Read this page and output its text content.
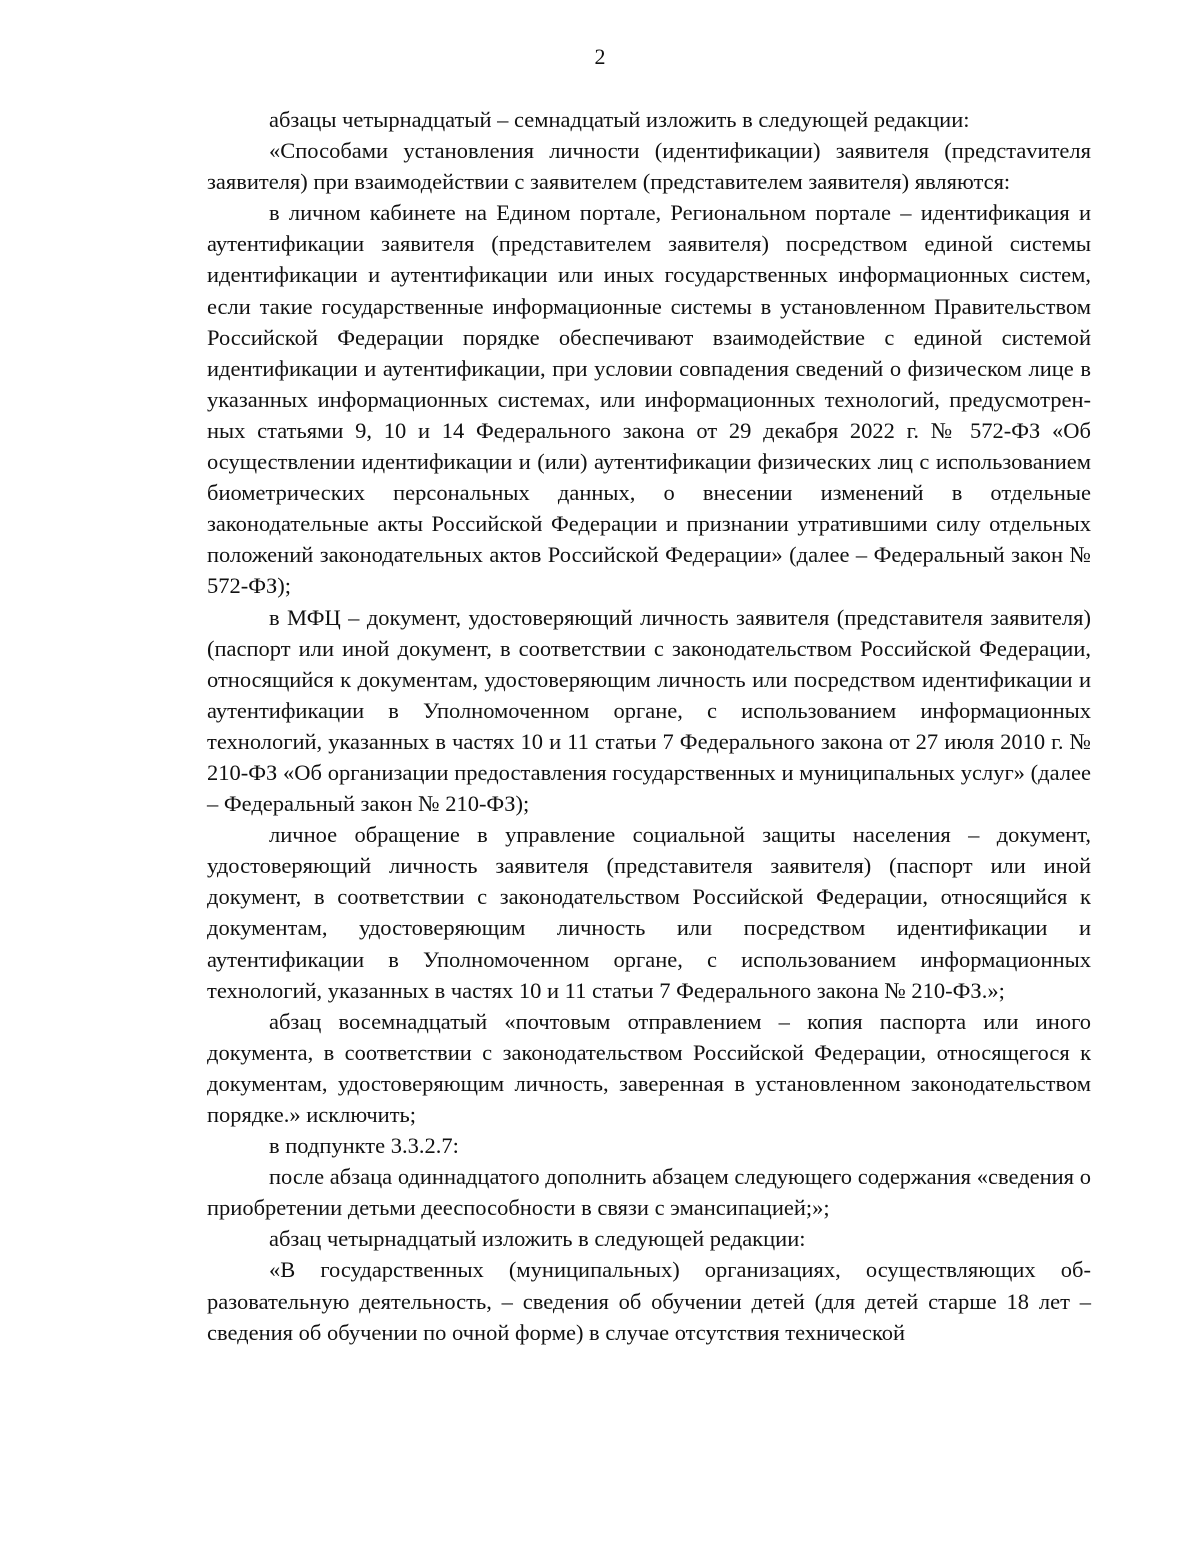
2

абзацы четырнадцатый – семнадцатый изложить в следующей редакции:

«Способами установления личности (идентификации) заявителя (предстаvителя заявителя) при взаимодействии с заявителем (представителем заявителя) являются:

в личном кабинете на Едином портале, Региональном портале – идентификация и аутентификации заявителя (представителем заявителя) посредством единой системы идентификации и аутентификации или иных государственных информационных систем, если такие государственные информационные системы в установленном Правительством Российской Федерации порядке обеспечивают взаимодействие с единой системой идентификации и аутентификации, при условии совпадения сведений о физическом лице в указанных информационных системах, или информационных технологий, предусмотренных статьями 9, 10 и 14 Федерального закона от 29 декабря 2022 г. № 572-ФЗ «Об осуществлении идентификации и (или) аутентификации физических лиц с использованием биометрических персональных данных, о внесении изменений в отдельные законодательные акты Российской Федерации и признании утратившими силу отдельных положений законодательных актов Российской Федерации» (далее – Федеральный закон № 572-ФЗ);

в МФЦ – документ, удостоверяющий личность заявителя (представителя заявителя) (паспорт или иной документ, в соответствии с законодательством Российской Федерации, относящийся к документам, удостоверяющим личность или посредством идентификации и аутентификации в Уполномоченном органе, с использованием информационных технологий, указанных в частях 10 и 11 статьи 7 Федерального закона от 27 июля 2010 г. № 210-ФЗ «Об организации предоставления государственных и муниципальных услуг» (далее – Федеральный закон № 210-ФЗ);

личное обращение в управление социальной защиты населения – документ, удостоверяющий личность заявителя (представителя заявителя) (паспорт или иной документ, в соответствии с законодательством Российской Федерации, относящийся к документам, удостоверяющим личность или посредством идентификации и аутентификации в Уполномоченном органе, с использованием информационных технологий, указанных в частях 10 и 11 статьи 7 Федерального закона № 210-ФЗ.»;

абзац восемнадцатый «почтовым отправлением – копия паспорта или иного документа, в соответствии с законодательством Российской Федерации, относящегося к документам, удостоверяющим личность, заверенная в установленном законодательством порядке.» исключить;

в подпункте 3.3.2.7:

после абзаца одиннадцатого дополнить абзацем следующего содержания «сведения о приобретении детьми дееспособности в связи с эмансипацией;»;

абзац четырнадцатый изложить в следующей редакции:

«В государственных (муниципальных) организациях, осуществляющих образовательную деятельность, – сведения об обучении детей (для детей старше 18 лет – сведения об обучении по очной форме) в случае отсутствия технической
